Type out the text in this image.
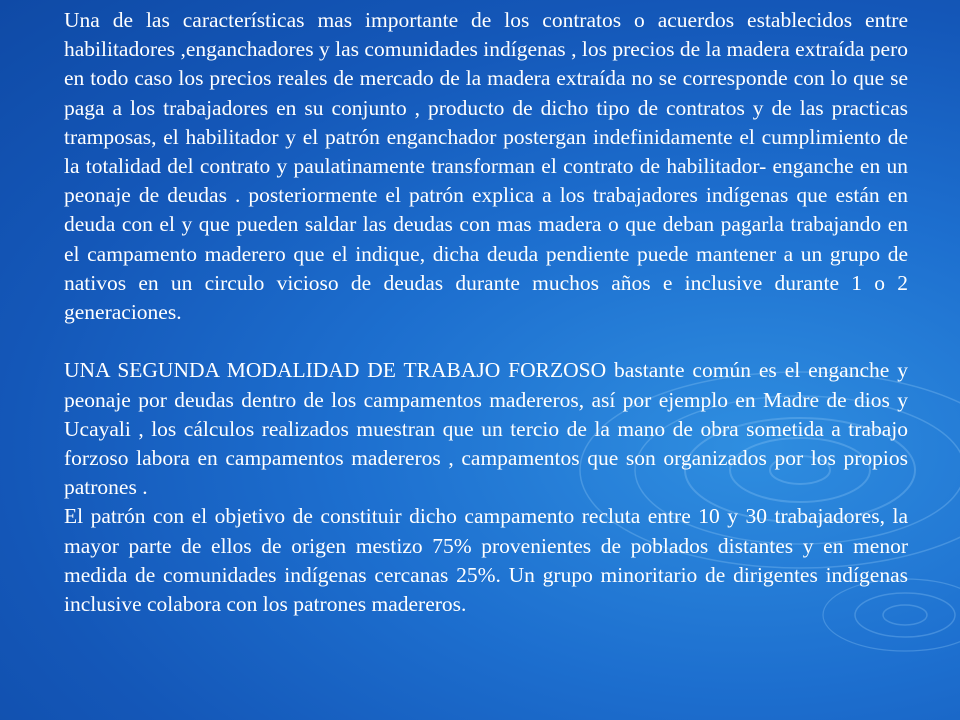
Una de las características mas importante de los contratos o acuerdos establecidos entre habilitadores ,enganchadores y las comunidades indígenas , los precios de la madera extraída pero en todo caso los precios reales de mercado de la madera extraída no se corresponde con lo que se paga a los trabajadores en su conjunto , producto de dicho tipo de contratos y de las practicas tramposas, el habilitador y el patrón enganchador postergan indefinidamente el cumplimiento de la totalidad del contrato y paulatinamente transforman el contrato de habilitador- enganche en un peonaje de deudas . posteriormente el patrón explica a los trabajadores indígenas que están en deuda con el y que pueden saldar las deudas con mas madera o que deban pagarla trabajando en el campamento maderero que el indique, dicha deuda pendiente puede mantener a un grupo de nativos en un circulo vicioso de deudas durante muchos años e inclusive durante 1 o 2 generaciones.

UNA SEGUNDA MODALIDAD DE TRABAJO FORZOSO bastante común es el enganche y peonaje por deudas dentro de los campamentos madereros, así por ejemplo en Madre de dios y Ucayali , los cálculos realizados muestran que un tercio de la mano de obra sometida a trabajo forzoso labora en campamentos madereros , campamentos que son organizados por los propios patrones .

El patrón con el objetivo de constituir dicho campamento recluta entre 10 y 30 trabajadores, la mayor parte de ellos de origen mestizo 75% provenientes de poblados distantes y en menor medida de comunidades indígenas cercanas 25%. Un grupo minoritario de dirigentes indígenas inclusive colabora con los patrones madereros.
